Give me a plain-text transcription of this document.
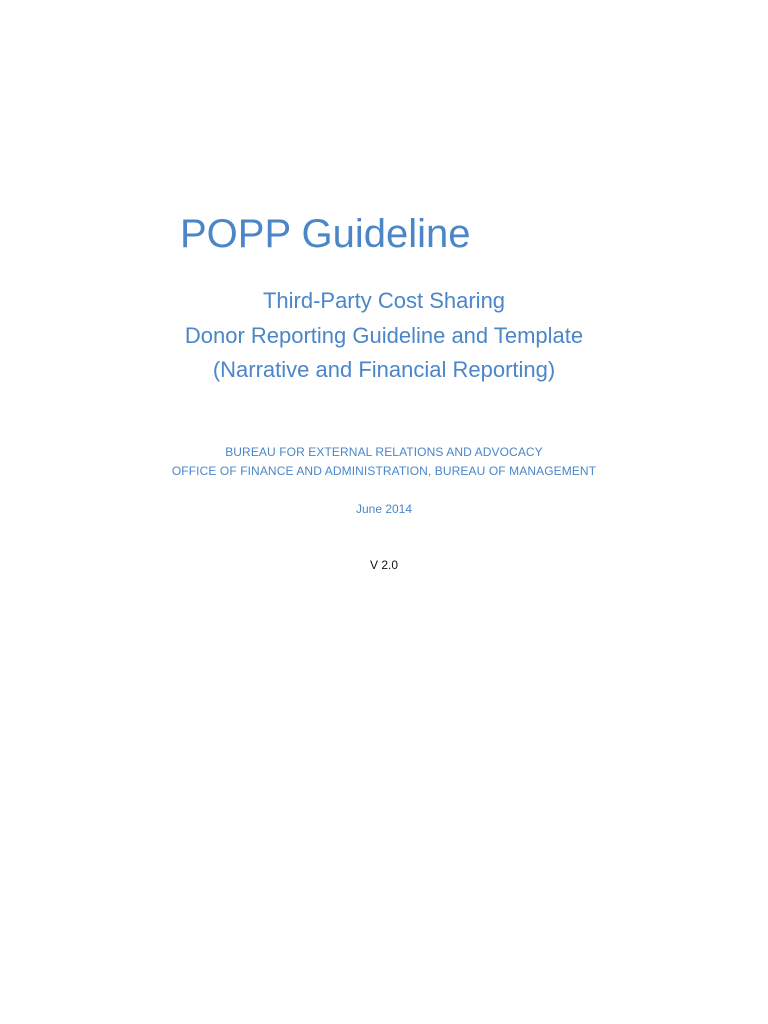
POPP Guideline
Third-Party Cost Sharing
Donor Reporting Guideline and Template
(Narrative and Financial Reporting)
BUREAU FOR EXTERNAL RELATIONS AND ADVOCACY
OFFICE OF FINANCE AND ADMINISTRATION, BUREAU OF MANAGEMENT
June 2014
V 2.0
